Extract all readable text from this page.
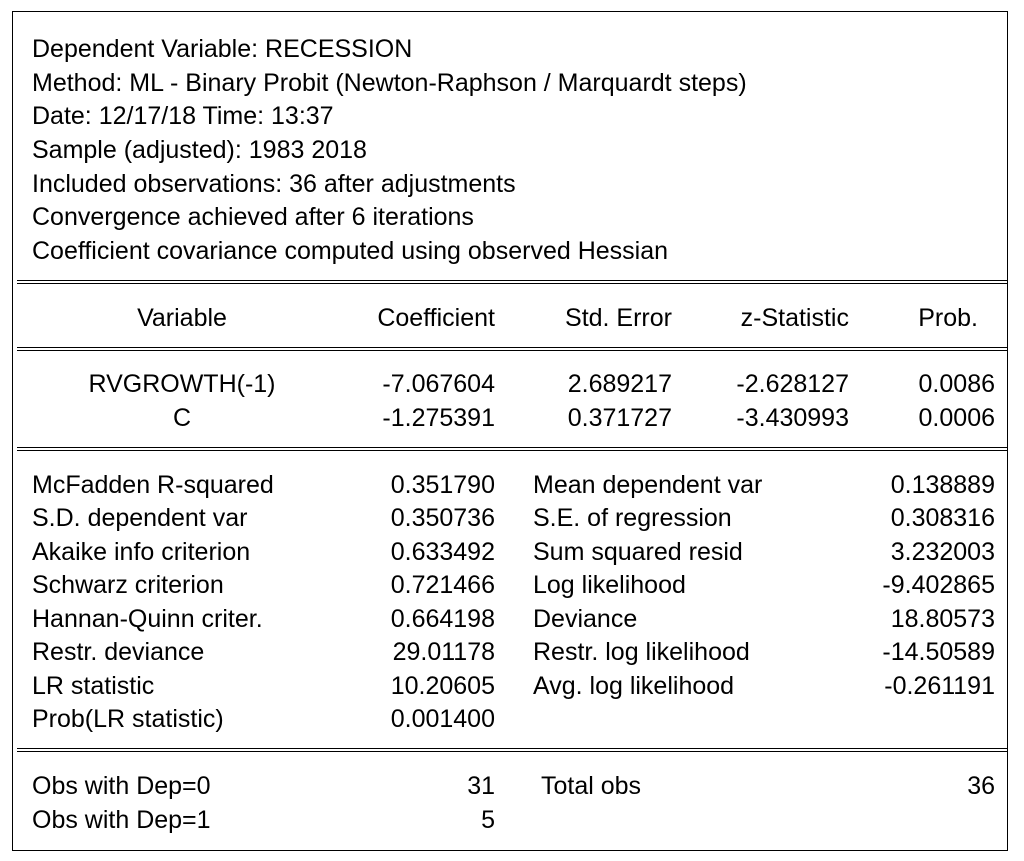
Dependent Variable: RECESSION
Method: ML - Binary Probit (Newton-Raphson / Marquardt steps)
Date: 12/17/18 Time: 13:37
Sample (adjusted): 1983 2018
Included observations: 36 after adjustments
Convergence achieved after 6 iterations
Coefficient covariance computed using observed Hessian
Variable	Coefficient	Std. Error	z-Statistic	Prob.
RVGROWTH(-1)	-7.067604	2.689217	-2.628127	0.0086
C	-1.275391	0.371727	-3.430993	0.0006
McFadden R-squared	0.351790 Mean dependent var	0.138889
S.D. dependent var	0.350736 S.E. of regression	0.308316
Akaike info criterion	0.633492 Sum squared resid	3.232003
Schwarz criterion	0.721466 Log likelihood	-9.402865
Hannan-Quinn criter.	0.664198 Deviance	18.80573
Restr. deviance	29.01178 Restr. log likelihood	-14.50589
LR statistic	10.20605 Avg. log likelihood	-0.261191
Prob(LR statistic)	0.001400
Obs with Dep=0	31 Total obs	36
Obs with Dep=1	5
